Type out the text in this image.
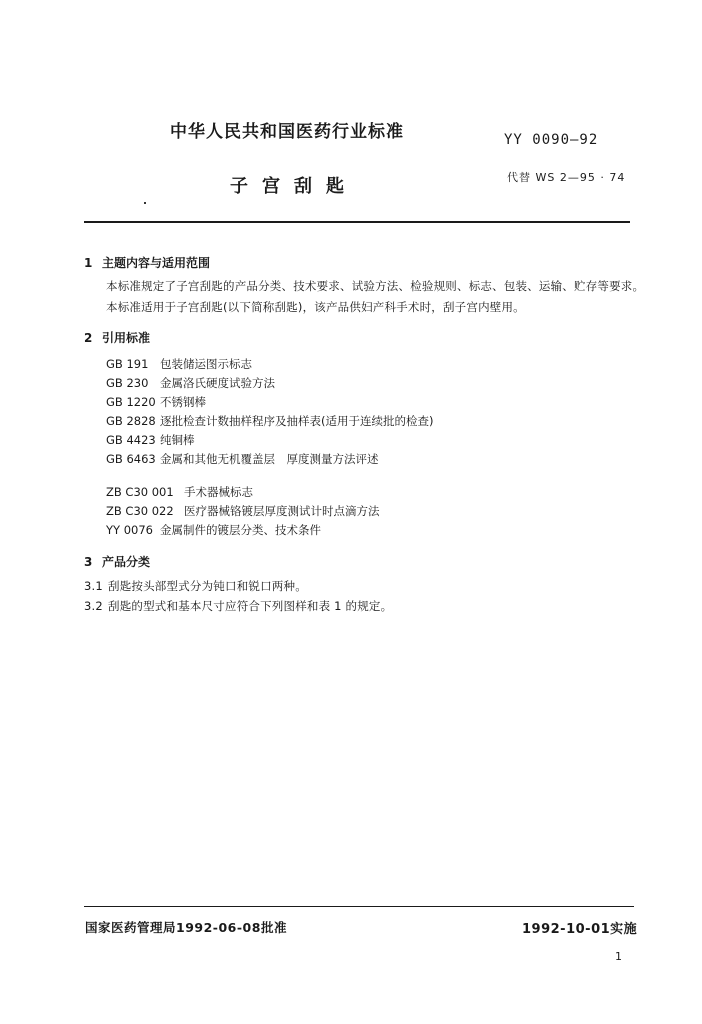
中华人民共和国医药行业标准	YY 0090—92
子宫刮匙	代替 WS 2—95 · 74
1 主题内容与适用范围
本标准规定了子宫刮匙的产品分类、技术要求、试验方法、检验规则、标志、包装、运输、贮存等要求。
本标准适用于子宫刮匙(以下简称刮匙)，该产品供妇产科手术时，刮子宫内壁用。
2 引用标准
GB 191 包装储运图示标志
GB 230 金属洛氏硬度试验方法
GB 1220 不锈钢棒
GB 2828 逐批检查计数抽样程序及抽样表(适用于连续批的检查)
GB 4423 纯铜棒
GB 6463 金属和其他无机覆盖层　厚度测量方法评述
ZB C30 001 手术器械标志
ZB C30 022 医疗器械铬镀层厚度测试计时点滴方法
YY 0076 金属制件的镀层分类、技术条件
3 产品分类
3.1 刮匙按头部型式分为钝口和锐口两种。
3.2 刮匙的型式和基本尺寸应符合下列图样和表 1 的规定。
国家医药管理局1992-06-08批准	1992-10-01实施
1
